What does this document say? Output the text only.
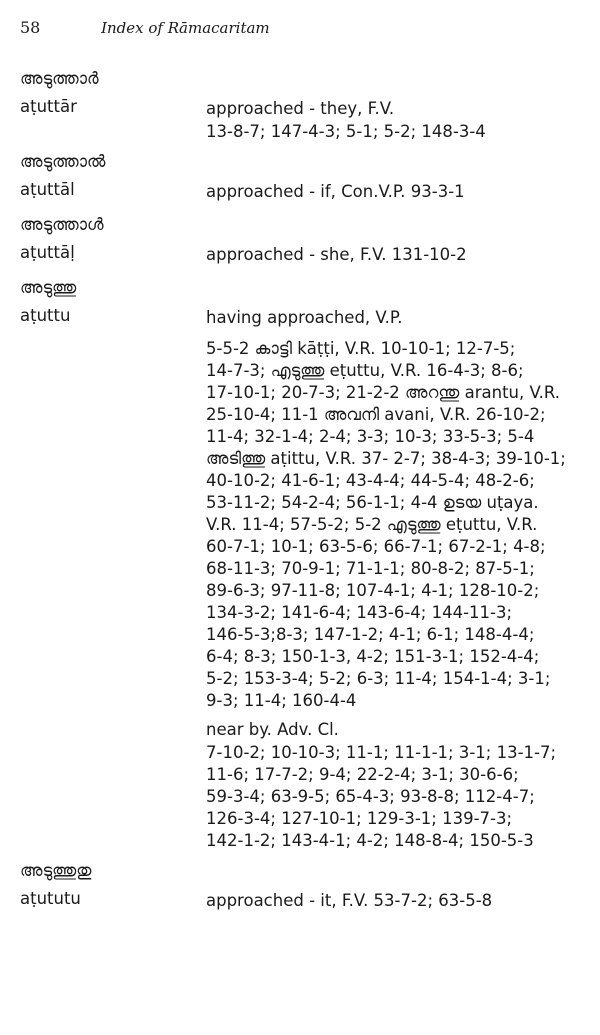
58	Index of Rāmacaritam
അടുത്താർ
aṭuttār	approached - they, F.V.

13-8-7; 147-4-3; 5-1; 5-2; 148-3-4

അടുത്താൽ
aṭuttāl	approached - if, Con.V.P. 93-3-1
അടുത്താൾ
aṭuttāḷ	approached - she, F.V. 131-10-2
അടുത്തു
aṭuttu	having approached, V.P.

5-5-2 കാട്ടി kāṭṭi, V.R. 10-10-1; 12-7-5;

14-7-3; എടുത്തു eṭuttu, V.R. 16-4-3; 8-6;

17-10-1; 20-7-3; 21-2-2 അറന്തു arantu, V.R.

25-10-4; 11-1 അവനി avani, V.R. 26-10-2;

11-4; 32-1-4; 2-4; 3-3; 10-3; 33-5-3; 5-4

അടിത്തു aṭittu, V.R. 37- 2-7; 38-4-3; 39-10-1;

40-10-2; 41-6-1; 43-4-4; 44-5-4; 48-2-6;

53-11-2; 54-2-4; 56-1-1; 4-4 ഉടയ uṭaya.

V.R. 11-4; 57-5-2; 5-2 എടുത്തു eṭuttu, V.R.

60-7-1; 10-1; 63-5-6; 66-7-1; 67-2-1; 4-8;

68-11-3; 70-9-1; 71-1-1; 80-8-2; 87-5-1;

89-6-3; 97-11-8; 107-4-1; 4-1; 128-10-2;

134-3-2; 141-6-4; 143-6-4; 144-11-3;

146-5-3;8-3; 147-1-2; 4-1; 6-1; 148-4-4;

6-4; 8-3; 150-1-3, 4-2; 151-3-1; 152-4-4;

5-2; 153-3-4; 5-2; 6-3; 11-4; 154-1-4; 3-1;

9-3; 11-4; 160-4-4

near by. Adv. Cl.

7-10-2; 10-10-3; 11-1; 11-1-1; 3-1; 13-1-7;

11-6; 17-7-2; 9-4; 22-2-4; 3-1; 30-6-6;

59-3-4; 63-9-5; 65-4-3; 93-8-8; 112-4-7;

126-3-4; 127-10-1; 129-3-1; 139-7-3;

142-1-2; 143-4-1; 4-2; 148-8-4; 150-5-3

അടുത്തുതു
aṭututu	approached - it, F.V. 53-7-2; 63-5-8
